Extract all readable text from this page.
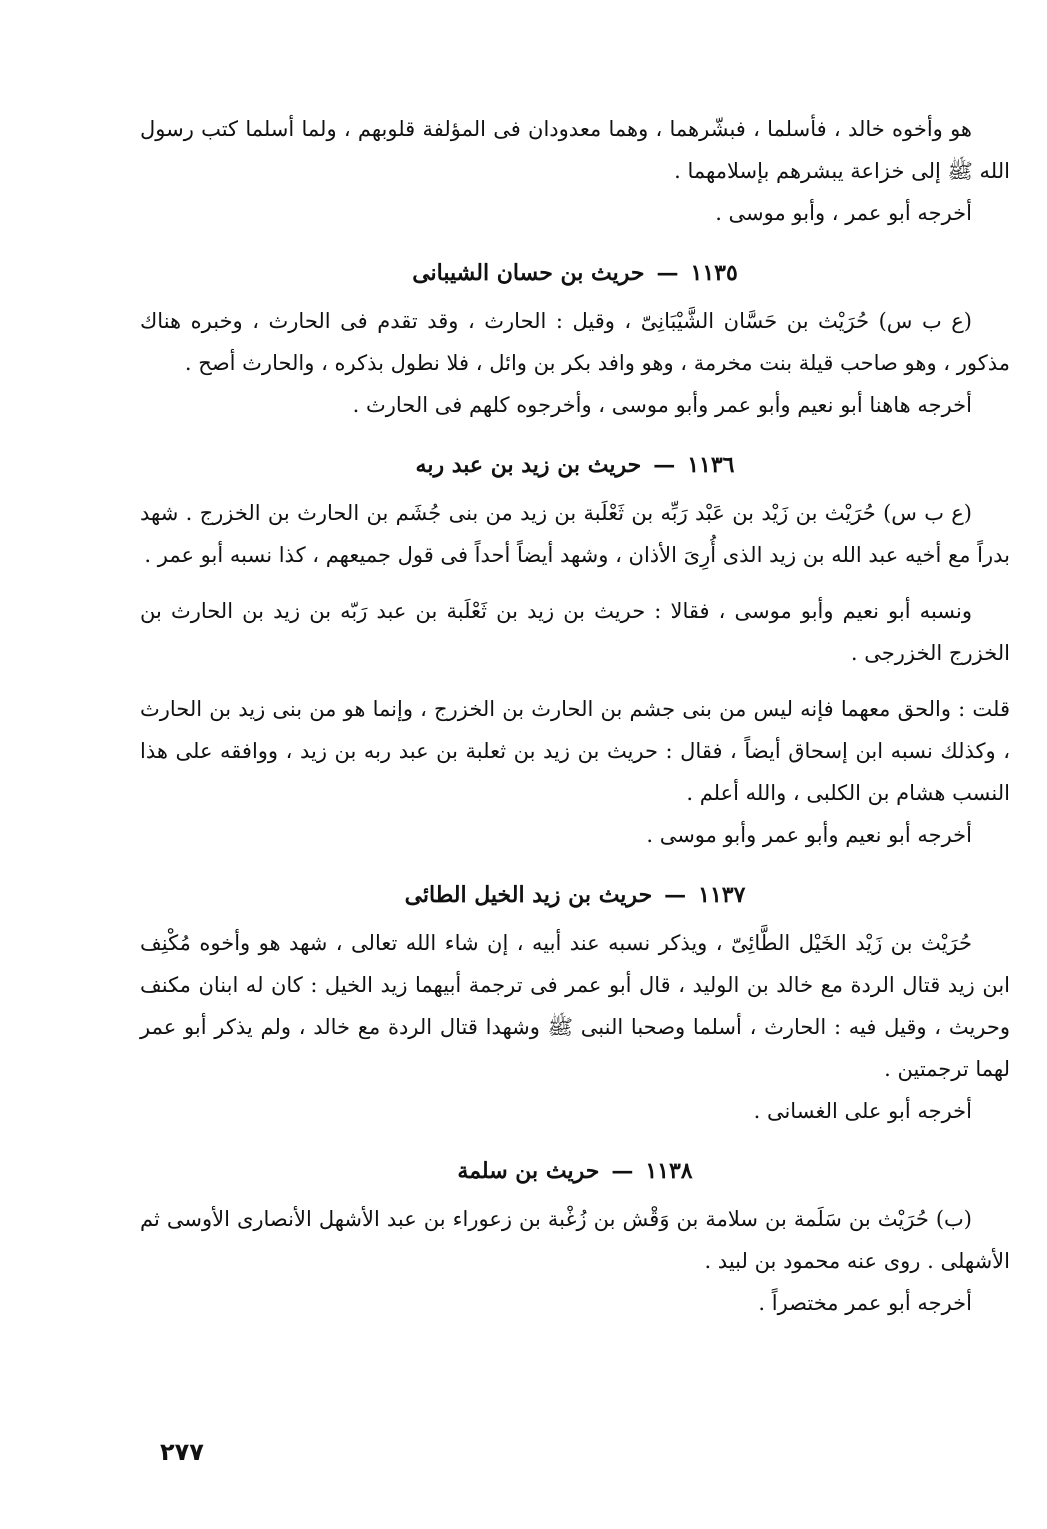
هو وأخوه خالد ، فأسلما ، فبشّرهما ، وهما معدودان فى المؤلفة قلوبهم ، ولما أسلما كتب رسول الله ﷺ إلى خزاعة يبشرهم بإسلامهما .

أخرجه أبو عمر ، وأبو موسى .

١١٣٥—حريث بن حسان الشيبانى

(ع ب س) حُرَيْث بن حَسَّان الشَّيْبَانِىّ ، وقيل : الحارث ، وقد تقدم فى الحارث ، وخبره هناك مذكور ، وهو صاحب قيلة بنت مخرمة ، وهو وافد بكر بن وائل ، فلا نطول بذكره ، والحارث أصح .

أخرجه هاهنا أبو نعيم وأبو عمر وأبو موسى ، وأخرجوه كلهم فى الحارث .

١١٣٦—حريث بن زيد بن عبد ربه

(ع ب س) حُرَيْث بن زَيْد بن عَبْد رَبِّه بن ثَعْلَبة بن زيد من بنى جُشَم بن الحارث بن الخزرج . شهد بدراً مع أخيه عبد الله بن زيد الذى أُرِىَ الأذان ، وشهد أيضاً أحداً فى قول جميعهم ، كذا نسبه أبو عمر .

ونسبه أبو نعيم وأبو موسى ، فقالا : حريث بن زيد بن ثَعْلَبة بن عبد رَبّه بن زيد بن الحارث بن الخزرج الخزرجى .

قلت : والحق معهما فإنه ليس من بنى جشم بن الحارث بن الخزرج ، وإنما هو من بنى زيد بن الحارث ، وكذلك نسبه ابن إسحاق أيضاً ، فقال : حريث بن زيد بن ثعلبة بن عبد ربه بن زيد ، ووافقه على هذا النسب هشام بن الكلبى ، والله أعلم .

أخرجه أبو نعيم وأبو عمر وأبو موسى .

١١٣٧—حريث بن زيد الخيل الطائى

حُرَيْث بن زَيْد الخَيْل الطَّائِىّ ، ويذكر نسبه عند أبيه ، إن شاء الله تعالى ، شهد هو وأخوه مُكْنِف ابن زيد قتال الردة مع خالد بن الوليد ، قال أبو عمر فى ترجمة أبيهما زيد الخيل : كان له ابنان مكنف وحريث ، وقيل فيه : الحارث ، أسلما وصحبا النبى ﷺ وشهدا قتال الردة مع خالد ، ولم يذكر أبو عمر لهما ترجمتين .

أخرجه أبو على الغسانى .

١١٣٨—حريث بن سلمة

(ب) حُرَيْث بن سَلَمة بن سلامة بن وَقْش بن زُغْبة بن زعوراء بن عبد الأشهل الأنصارى الأوسى ثم الأشهلى . روى عنه محمود بن لبيد .

أخرجه أبو عمر مختصراً .

٢٧٧
